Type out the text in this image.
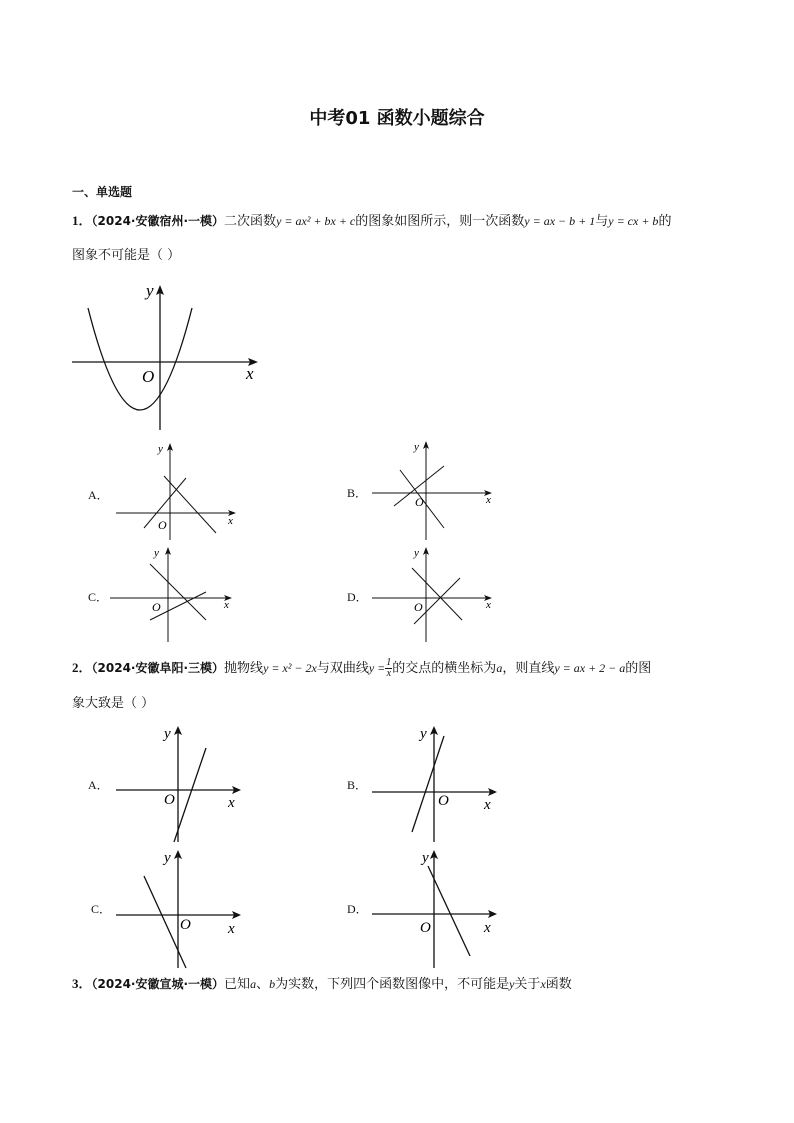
中考01 函数小题综合
一、单选题
1．（2024·安徽宿州·一模）二次函数y = ax² + bx + c的图象如图所示，则一次函数y = ax − b + 1与y = cx + b的
图象不可能是（ ）
y
x
O
A．
y
x
O
B．
y
x
O
C．
y
x
O
D．
y
x
O
2．（2024·安徽阜阳·三模）抛物线y = x² − 2x与双曲线$y = \frac{1}{x}$ 的交点的横坐标为a，则直线y = ax + 2 − a的图
象大致是（ ）
A．
y
x
O
B．
y
x
O
C．
y
x
O
D．
y
x
O
3．（2024·安徽宣城·一模）已知a、b为实数，下列四个函数图像中，不可能是y关于x函数
